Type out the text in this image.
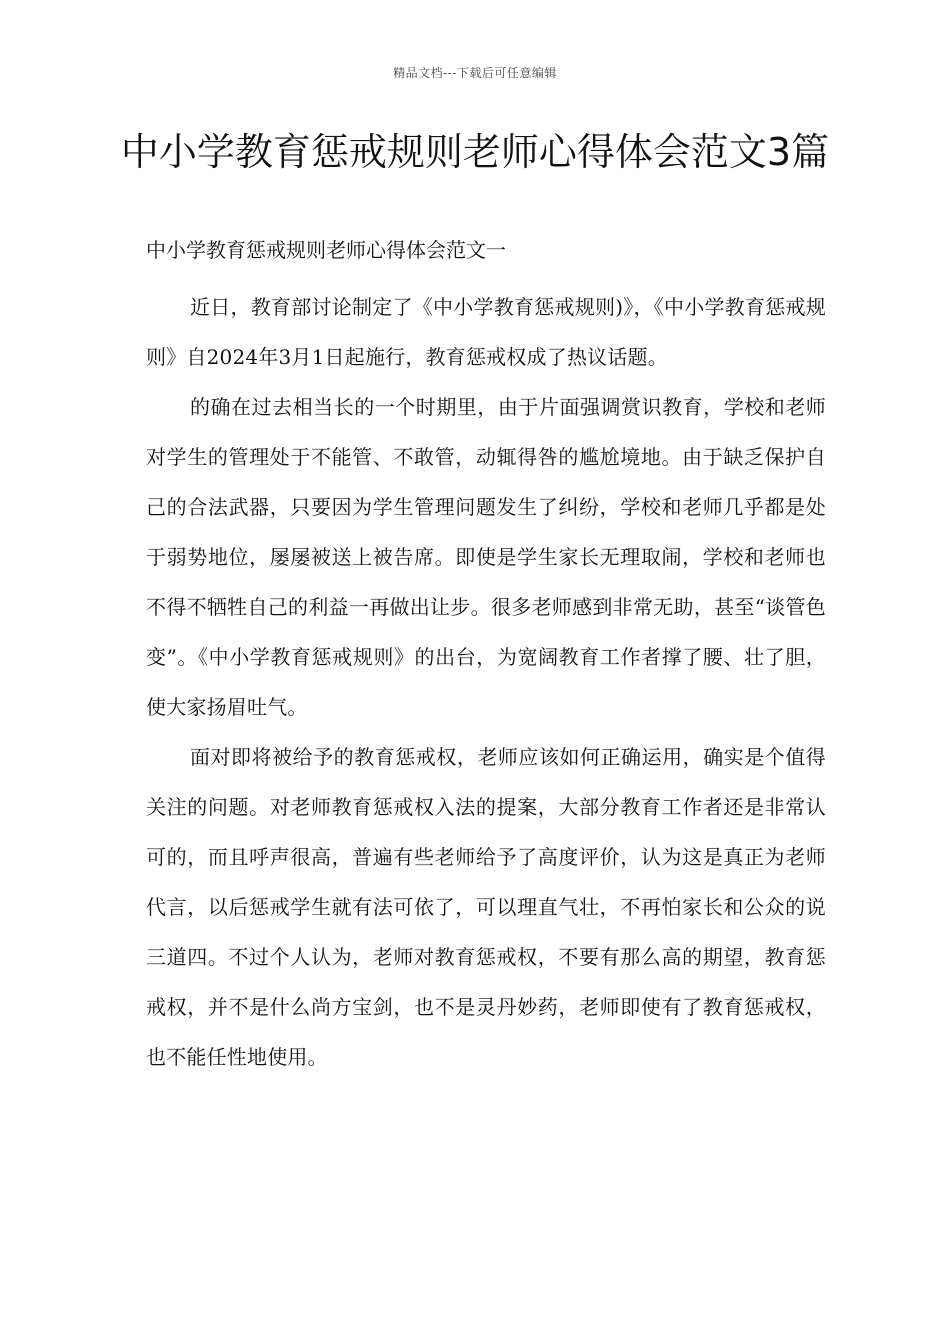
精品文档---下载后可任意编辑
中小学教育惩戒规则老师心得体会范文3篇

中小学教育惩戒规则老师心得体会范文一

近日，教育部讨论制定了《中小学教育惩戒规则)》，《中小学教育惩戒规则》自2024年3月1日起施行，教育惩戒权成了热议话题。

的确在过去相当长的一个时期里，由于片面强调赏识教育，学校和老师对学生的管理处于不能管、不敢管，动辄得咎的尴尬境地。由于缺乏保护自己的合法武器，只要因为学生管理问题发生了纠纷，学校和老师几乎都是处于弱势地位，屡屡被送上被告席。即使是学生家长无理取闹，学校和老师也不得不牺牲自己的利益一再做出让步。很多老师感到非常无助，甚至“谈管色变”。《中小学教育惩戒规则》的出台，为宽阔教育工作者撑了腰、壮了胆，使大家扬眉吐气。

面对即将被给予的教育惩戒权，老师应该如何正确运用，确实是个值得关注的问题。对老师教育惩戒权入法的提案，大部分教育工作者还是非常认可的，而且呼声很高，普遍有些老师给予了高度评价，认为这是真正为老师代言，以后惩戒学生就有法可依了，可以理直气壮，不再怕家长和公众的说三道四。不过个人认为，老师对教育惩戒权，不要有那么高的期望，教育惩戒权，并不是什么尚方宝剑，也不是灵丹妙药，老师即使有了教育惩戒权，也不能任性地使用。
